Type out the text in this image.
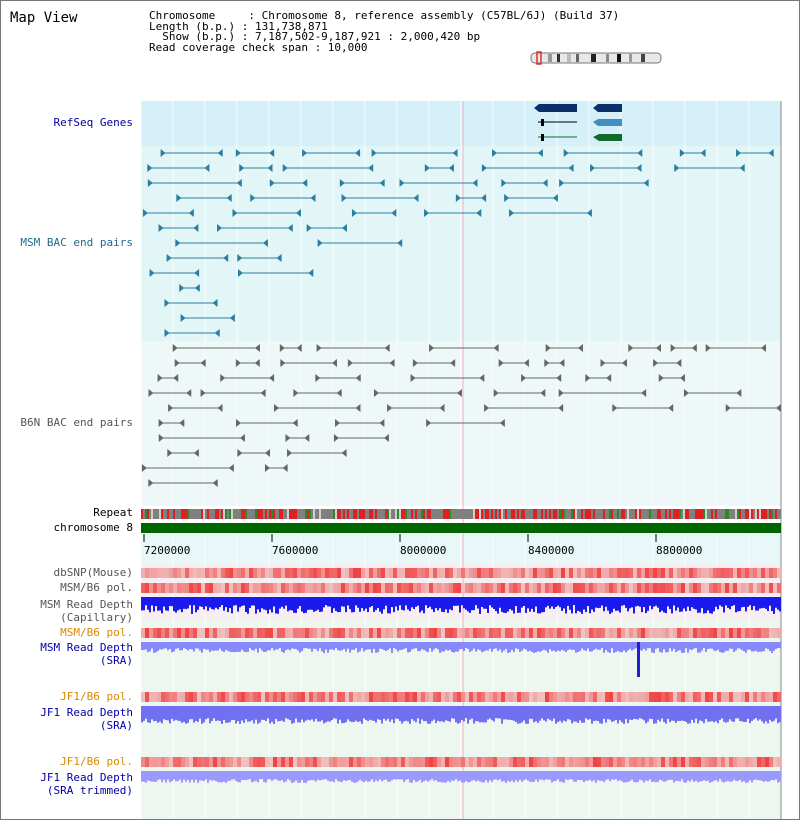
Map View	Chromosome     : Chromosome 8, reference assembly (C57BL/6J) (Build 37)
Length (b.p.) : 131,738,871
Show (b.p.) : 7,187,502-9,187,921 : 2,000,420 bp
Read coverage check span : 10,000
RefSeq Genes
MSM BAC end pairs
B6N BAC end pairs
Repeat
chromosome 8
dbSNP(Mouse)
MSM/B6 pol.
MSM Read Depth
(Capillary)
MSM/B6 pol.
MSM Read Depth
(SRA)
JF1/B6 pol.
JF1 Read Depth
(SRA)
JF1/B6 pol.
JF1 Read Depth
(SRA trimmed)
7200000	7600000	8000000	8400000	8800000
